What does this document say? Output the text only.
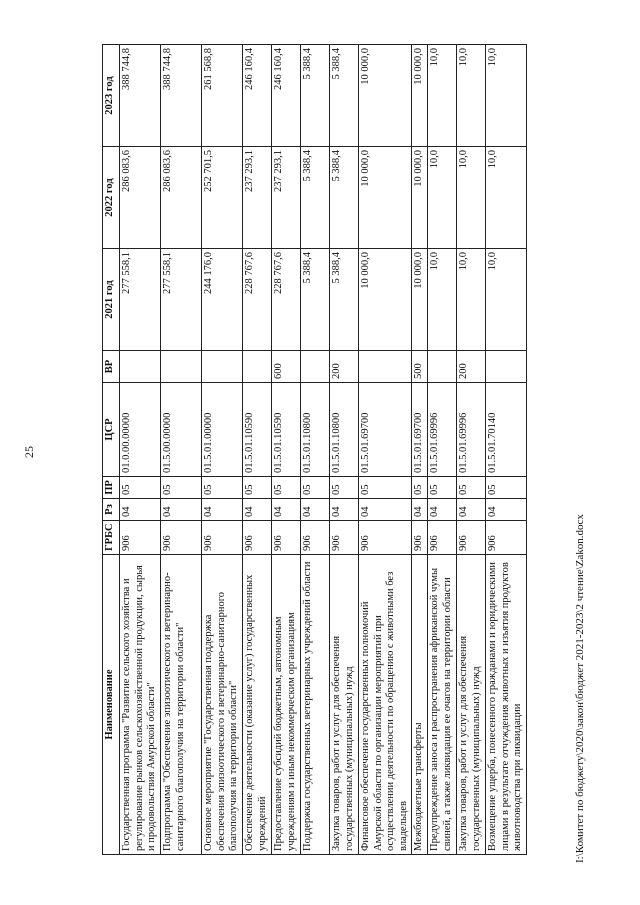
25
Наименование	ГРБС	Рз	ПР	ЦСР	ВР	2021 год	2022 год	2023 год
Государственная программа "Развитие сельского хозяйства и регулирование рынков сельскохозяйственной продукции, сырья и продовольствия Амурской области"	906	04	05	01.0.00.00000		277 558,1	286 083,6	388 744,8
Подпрограмма "Обеспечение эпизоотического и ветеринарно-санитарного благополучия на территории области"	906	04	05	01.5.00.00000		277 558,1	286 083,6	388 744,8
Основное мероприятие "Государственная поддержка обеспечения эпизоотического и ветеринарно-санитарного благополучия на территории области"	906	04	05	01.5.01.00000		244 176,0	252 701,5	261 568,8
Обеспечение деятельности (оказание услуг) государственных учреждений	906	04	05	01.5.01.10590		228 767,6	237 293,1	246 160,4
Предоставление субсидий бюджетным, автономным учреждениям и иным некоммерческим организациям	906	04	05	01.5.01.10590	600	228 767,6	237 293,1	246 160,4
Поддержка государственных ветеринарных учреждений области	906	04	05	01.5.01.10800		5 388,4	5 388,4	5 388,4
Закупка товаров, работ и услуг для обеспечения государственных (муниципальных) нужд	906	04	05	01.5.01.10800	200	5 388,4	5 388,4	5 388,4
Финансовое обеспечение государственных полномочий Амурской области по организации мероприятий при осуществлении деятельности по обращению с животными без владельцев	906	04	05	01.5.01.69700		10 000,0	10 000,0	10 000,0
Межбюджетные трансферты	906	04	05	01.5.01.69700	500	10 000,0	10 000,0	10 000,0
Предупреждение заноса и распространения африканской чумы свиней, а также ликвидация ее очагов на территории области	906	04	05	01.5.01.69996		10,0	10,0	10,0
Закупка товаров, работ и услуг для обеспечения государственных (муниципальных) нужд	906	04	05	01.5.01.69996	200	10,0	10,0	10,0
Возмещение ущерба, понесенного гражданами и юридическими лицами в результате отчуждения животных и изъятия продуктов животноводства при ликвидации	906	04	05	01.5.01.70140		10,0	10,0	10,0
I:\Комитет по бюджету\2020\закон\бюджет 2021-2023\2 чтение\Zakon.docx
